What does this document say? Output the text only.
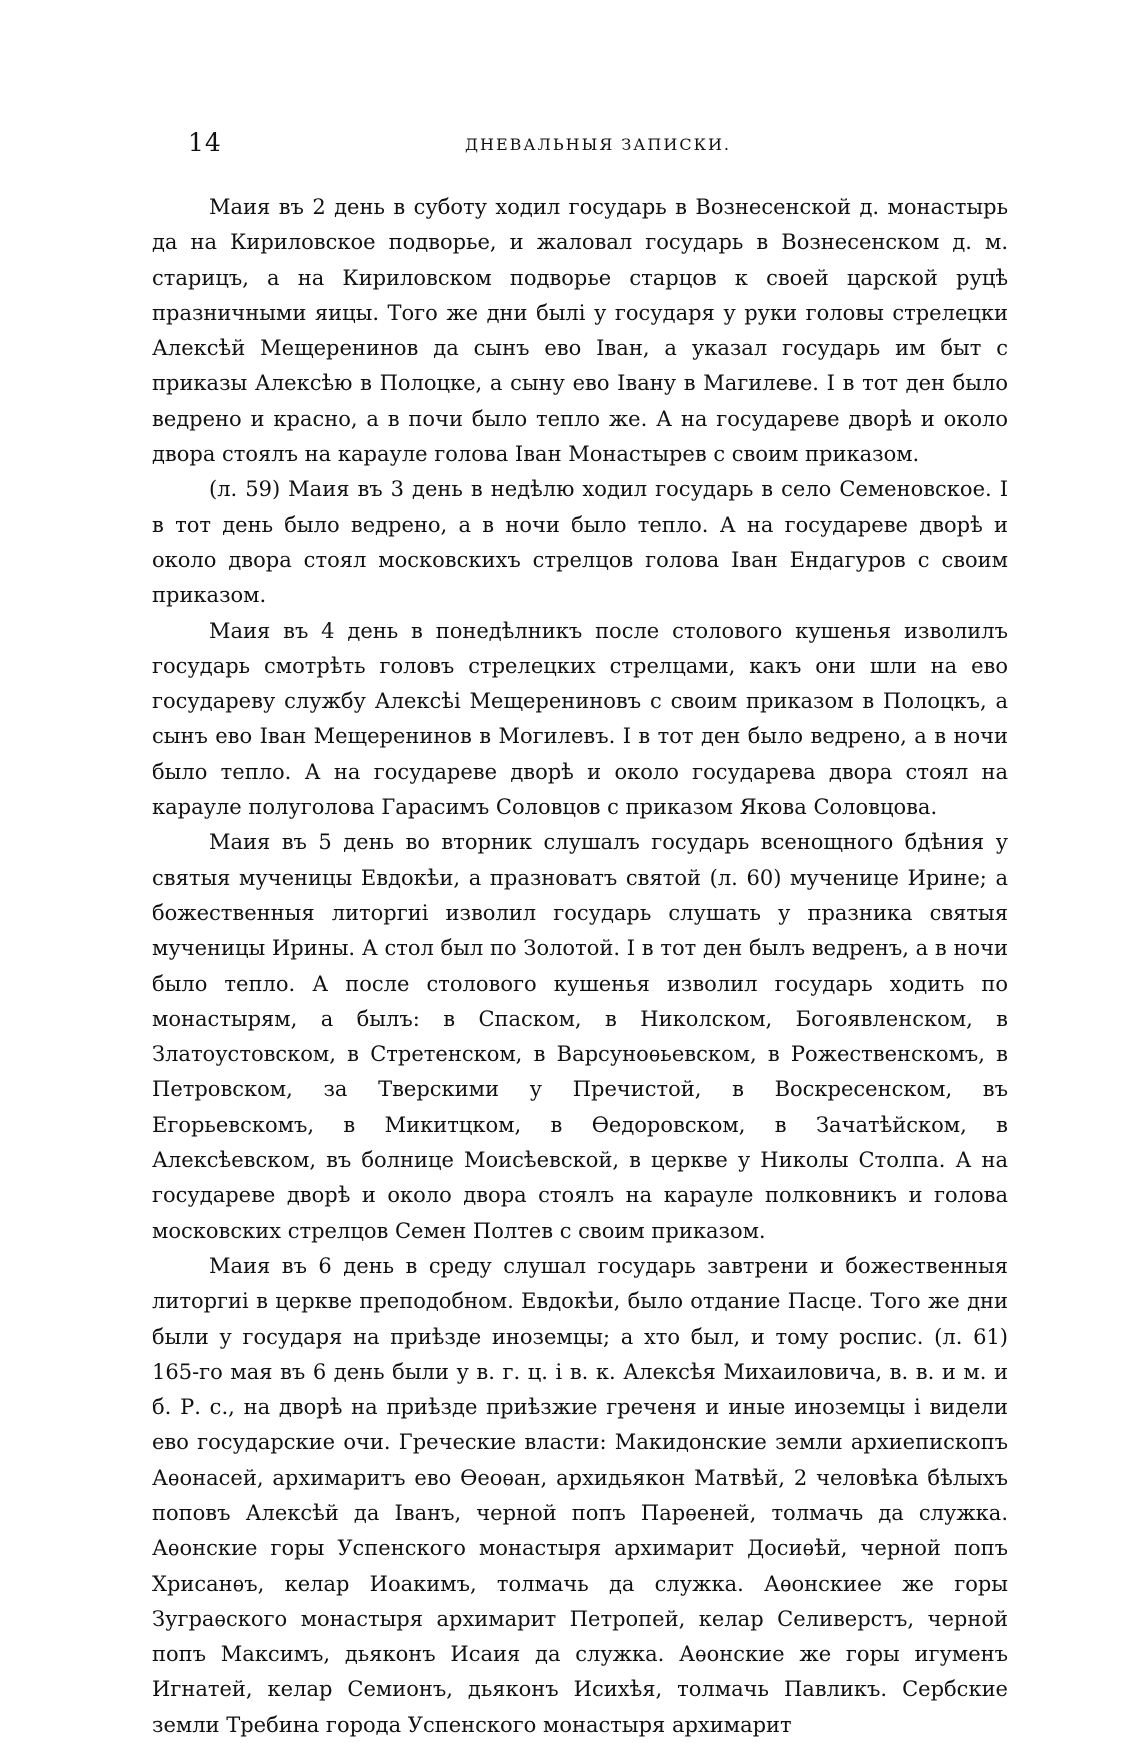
14	ДНЕВАЛЬНЫЯ ЗАПИСКИ.

Маия въ 2 день в суботу ходил государь в Вознесенской д. монастырь да на Кириловское подворье, и жаловал государь в Вознесенском д. м. старицъ, а на Кириловском подворье старцов к своей царской руцѣ празничными яицы. Того же дни былі у государя у руки головы стрелецки Алексѣй Мещеренинов да сынъ ево Іван, а указал государь им быт с приказы Алексѣю в Полоцке, а сыну ево Івану в Магилеве. І в тот ден было ведрено и красно, а в почи было тепло же. А на государеве дворѣ и около двора стоялъ на карауле голова Іван Монастырев с своим приказом.

(л. 59) Маия въ 3 день в недѣлю ходил государь в село Семеновское. І в тот день было ведрено, а в ночи было тепло. А на государеве дворѣ и около двора стоял московскихъ стрелцов голова Іван Ендагуров с своим приказом.

Маия въ 4 день в понедѣлникъ после столового кушенья изволилъ государь смотрѣть головъ стрелецких стрелцами, какъ они шли на ево государеву службу Алексѣі Мещерениновъ с своим приказом в Полоцкъ, а сынъ ево Іван Мещеренинов в Могилевъ. І в тот ден было ведрено, а в ночи было тепло. А на государеве дворѣ и около государева двора стоял на карауле полуголова Гарасимъ Соловцов с приказом Якова Соловцова.

Маия въ 5 день во вторник слушалъ государь всенощного бдѣния у святыя мученицы Евдокѣи, а празноватъ святой (л. 60) мученице Ирине; а божественныя литоргиі изволил государь слушать у празника святыя мученицы Ирины. А стол был по Золотой. І в тот ден былъ ведренъ, а в ночи было тепло. А после столового кушенья изволил государь ходить по монастырям, а былъ: в Спаском, в Николском, Богоявленском, в Златоустовском, в Стретенском, в Варсуноѳьевском, в Рожественскомъ, в Петровском, за Тверскими у Пречистой, в Воскресенском, въ Егорьевскомъ, в Микитцком, в Ѳедоровском, в Зачатѣйском, в Алексѣевском, въ болнице Моисѣевской, в церкве у Николы Столпа. А на государеве дворѣ и около двора стоялъ на карауле полковникъ и голова московских стрелцов Семен Полтев с своим приказом.

Маия въ 6 день в среду слушал государь завтрени и божественныя литоргиі в церкве преподобном. Евдокѣи, было отдание Пасце. Того же дни были у государя на приѣзде иноземцы; а хто был, и тому роспис. (л. 61) 165-го мая въ 6 день были у в. г. ц. і в. к. Алексѣя Михаиловича, в. в. и м. и б. Р. с., на дворѣ на приѣзде приѣзжие греченя и иные иноземцы і видели ево государские очи. Греческие власти: Макидонские земли архиепископъ Аѳонасей, архимаритъ ево Ѳеоѳан, архидьякон Матвѣй, 2 человѣка бѣлыхъ поповъ Алексѣй да Іванъ, черной попъ Парѳеней, толмачь да служка. Аѳонские горы Успенского монастыря архимарит Досиѳѣй, черной попъ Хрисанѳъ, келар Иоакимъ, толмачь да служка. Аѳонскиее же горы Зуграѳского монастыря архимарит Петропей, келар Селиверстъ, черной попъ Максимъ, дьяконъ Исаия да служка. Аѳонские же горы игуменъ Игнатей, келар Семионъ, дьяконъ Исихѣя, толмачь Павликъ. Сербские земли Требина города Успенского монастыря архимарит
